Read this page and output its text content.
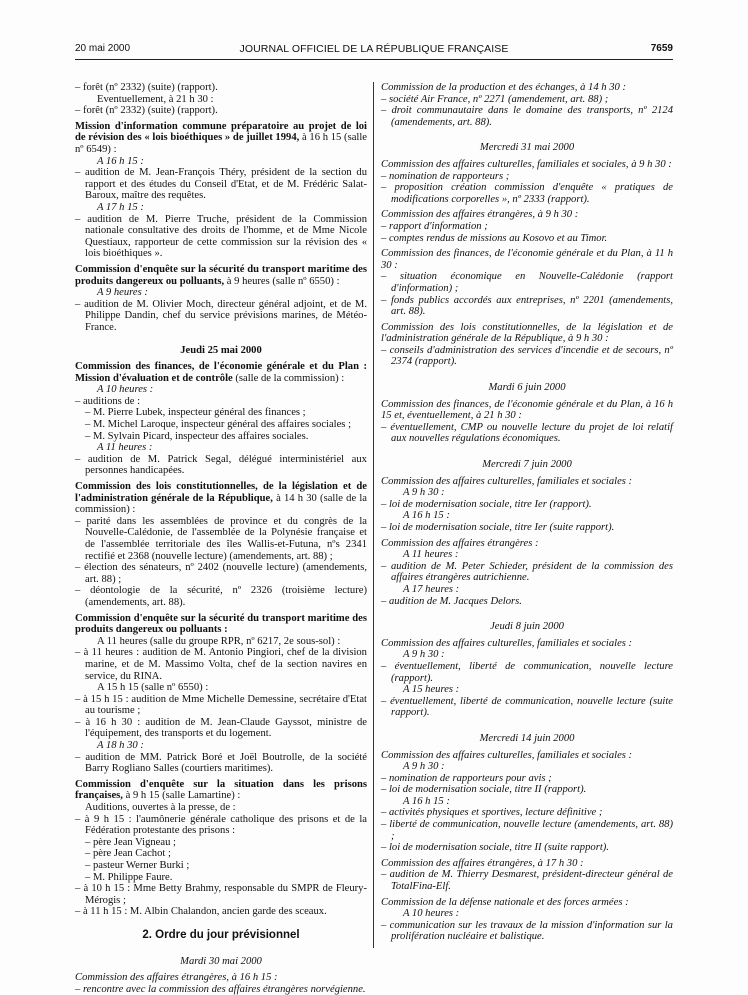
20 mai 2000	JOURNAL OFFICIEL DE LA RÉPUBLIQUE FRANÇAISE	7659
– forêt (nº 2332) (suite) (rapport).
Eventuellement, à 21 h 30 :
– forêt (nº 2332) (suite) (rapport).
Mission d'information commune préparatoire au projet de loi de révision des « lois bioéthiques » de juillet 1994, à 16 h 15 (salle nº 6549) :
A 16 h 15 :
– audition de M. Jean-François Théry, président de la section du rapport et des études du Conseil d'Etat, et de M. Frédéric Salat-Baroux, maître des requêtes.
A 17 h 15 :
– audition de M. Pierre Truche, président de la Commission nationale consultative des droits de l'homme, et de Mme Nicole Questiaux, rapporteur de cette commission sur la révision des « lois bioéthiques ».
Commission d'enquête sur la sécurité du transport maritime des produits dangereux ou polluants, à 9 heures (salle nº 6550) :
A 9 heures :
– audition de M. Olivier Moch, directeur général adjoint, et de M. Philippe Dandin, chef du service prévisions marines, de Météo-France.
Jeudi 25 mai 2000
Commission des finances, de l'économie générale et du Plan : Mission d'évaluation et de contrôle (salle de la commission) :
A 10 heures :
– auditions de :
– M. Pierre Lubek, inspecteur général des finances ;
– M. Michel Laroque, inspecteur général des affaires sociales ;
– M. Sylvain Picard, inspecteur des affaires sociales.
A 11 heures :
– audition de M. Patrick Segal, délégué interministériel aux personnes handicapées.
Commission des lois constitutionnelles, de la législation et de l'administration générale de la République, à 14 h 30 (salle de la commission) :
– parité dans les assemblées de province et du congrès de la Nouvelle-Calédonie, de l'assemblée de la Polynésie française et de l'assemblée territoriale des îles Wallis-et-Futuna, nºs 2341 rectifié et 2368 (nouvelle lecture) (amendements, art. 88) ;
– élection des sénateurs, nº 2402 (nouvelle lecture) (amendements, art. 88) ;
– déontologie de la sécurité, nº 2326 (troisième lecture) (amendements, art. 88).
Commission d'enquête sur la sécurité du transport maritime des produits dangereux ou polluants :
A 11 heures (salle du groupe RPR, nº 6217, 2e sous-sol) :
– à 11 heures : audition de M. Antonio Pingiori, chef de la division marine, et de M. Massimo Volta, chef de la section navires en service, du RINA.
A 15 h 15 (salle nº 6550) :
– à 15 h 15 : audition de Mme Michelle Demessine, secrétaire d'Etat au tourisme ;
– à 16 h 30 : audition de M. Jean-Claude Gayssot, ministre de l'équipement, des transports et du logement.
A 18 h 30 :
– audition de MM. Patrick Boré et Joël Boutrolle, de la société Barry Rogliano Salles (courtiers maritimes).
Commission d'enquête sur la situation dans les prisons françaises, à 9 h 15 (salle Lamartine) :
Auditions, ouvertes à la presse, de :
– à 9 h 15 : l'aumônerie générale catholique des prisons et de la Fédération protestante des prisons :
– père Jean Vigneau ;
– père Jean Cachot ;
– pasteur Werner Burki ;
– M. Philippe Faure.
– à 10 h 15 : Mme Betty Brahmy, responsable du SMPR de Fleury-Mérogis ;
– à 11 h 15 : M. Albin Chalandon, ancien garde des sceaux.
2. Ordre du jour prévisionnel
Mardi 30 mai 2000
Commission des affaires étrangères, à 16 h 15 :
– rencontre avec la commission des affaires étrangères norvégienne.
Commission de la production et des échanges, à 14 h 30 :
– société Air France, nº 2271 (amendement, art. 88) ;
– droit communautaire dans le domaine des transports, nº 2124 (amendements, art. 88).
Mercredi 31 mai 2000
Commission des affaires culturelles, familiales et sociales, à 9 h 30 :
– nomination de rapporteurs ;
– proposition création commission d'enquête « pratiques de modifications corporelles », nº 2333 (rapport).
Commission des affaires étrangères, à 9 h 30 :
– rapport d'information ;
– comptes rendus de missions au Kosovo et au Timor.
Commission des finances, de l'économie générale et du Plan, à 11 h 30 :
– situation économique en Nouvelle-Calédonie (rapport d'information) ;
– fonds publics accordés aux entreprises, nº 2201 (amendements, art. 88).
Commission des lois constitutionnelles, de la législation et de l'administration générale de la République, à 9 h 30 :
– conseils d'administration des services d'incendie et de secours, nº 2374 (rapport).
Mardi 6 juin 2000
Commission des finances, de l'économie générale et du Plan, à 16 h 15 et, éventuellement, à 21 h 30 :
– éventuellement, CMP ou nouvelle lecture du projet de loi relatif aux nouvelles régulations économiques.
Mercredi 7 juin 2000
Commission des affaires culturelles, familiales et sociales :
A 9 h 30 :
– loi de modernisation sociale, titre Ier (rapport).
A 16 h 15 :
– loi de modernisation sociale, titre Ier (suite rapport).
Commission des affaires étrangères :
A 11 heures :
– audition de M. Peter Schieder, président de la commission des affaires étrangères autrichienne.
A 17 heures :
– audition de M. Jacques Delors.
Jeudi 8 juin 2000
Commission des affaires culturelles, familiales et sociales :
A 9 h 30 :
– éventuellement, liberté de communication, nouvelle lecture (rapport).
A 15 heures :
– éventuellement, liberté de communication, nouvelle lecture (suite rapport).
Mercredi 14 juin 2000
Commission des affaires culturelles, familiales et sociales :
A 9 h 30 :
– nomination de rapporteurs pour avis ;
– loi de modernisation sociale, titre II (rapport).
A 16 h 15 :
– activités physiques et sportives, lecture définitive ;
– liberté de communication, nouvelle lecture (amendements, art. 88) ;
– loi de modernisation sociale, titre II (suite rapport).
Commission des affaires étrangères, à 17 h 30 :
– audition de M. Thierry Desmarest, président-directeur général de TotalFina-Elf.
Commission de la défense nationale et des forces armées :
A 10 heures :
– communication sur les travaux de la mission d'information sur la prolifération nucléaire et balistique.
